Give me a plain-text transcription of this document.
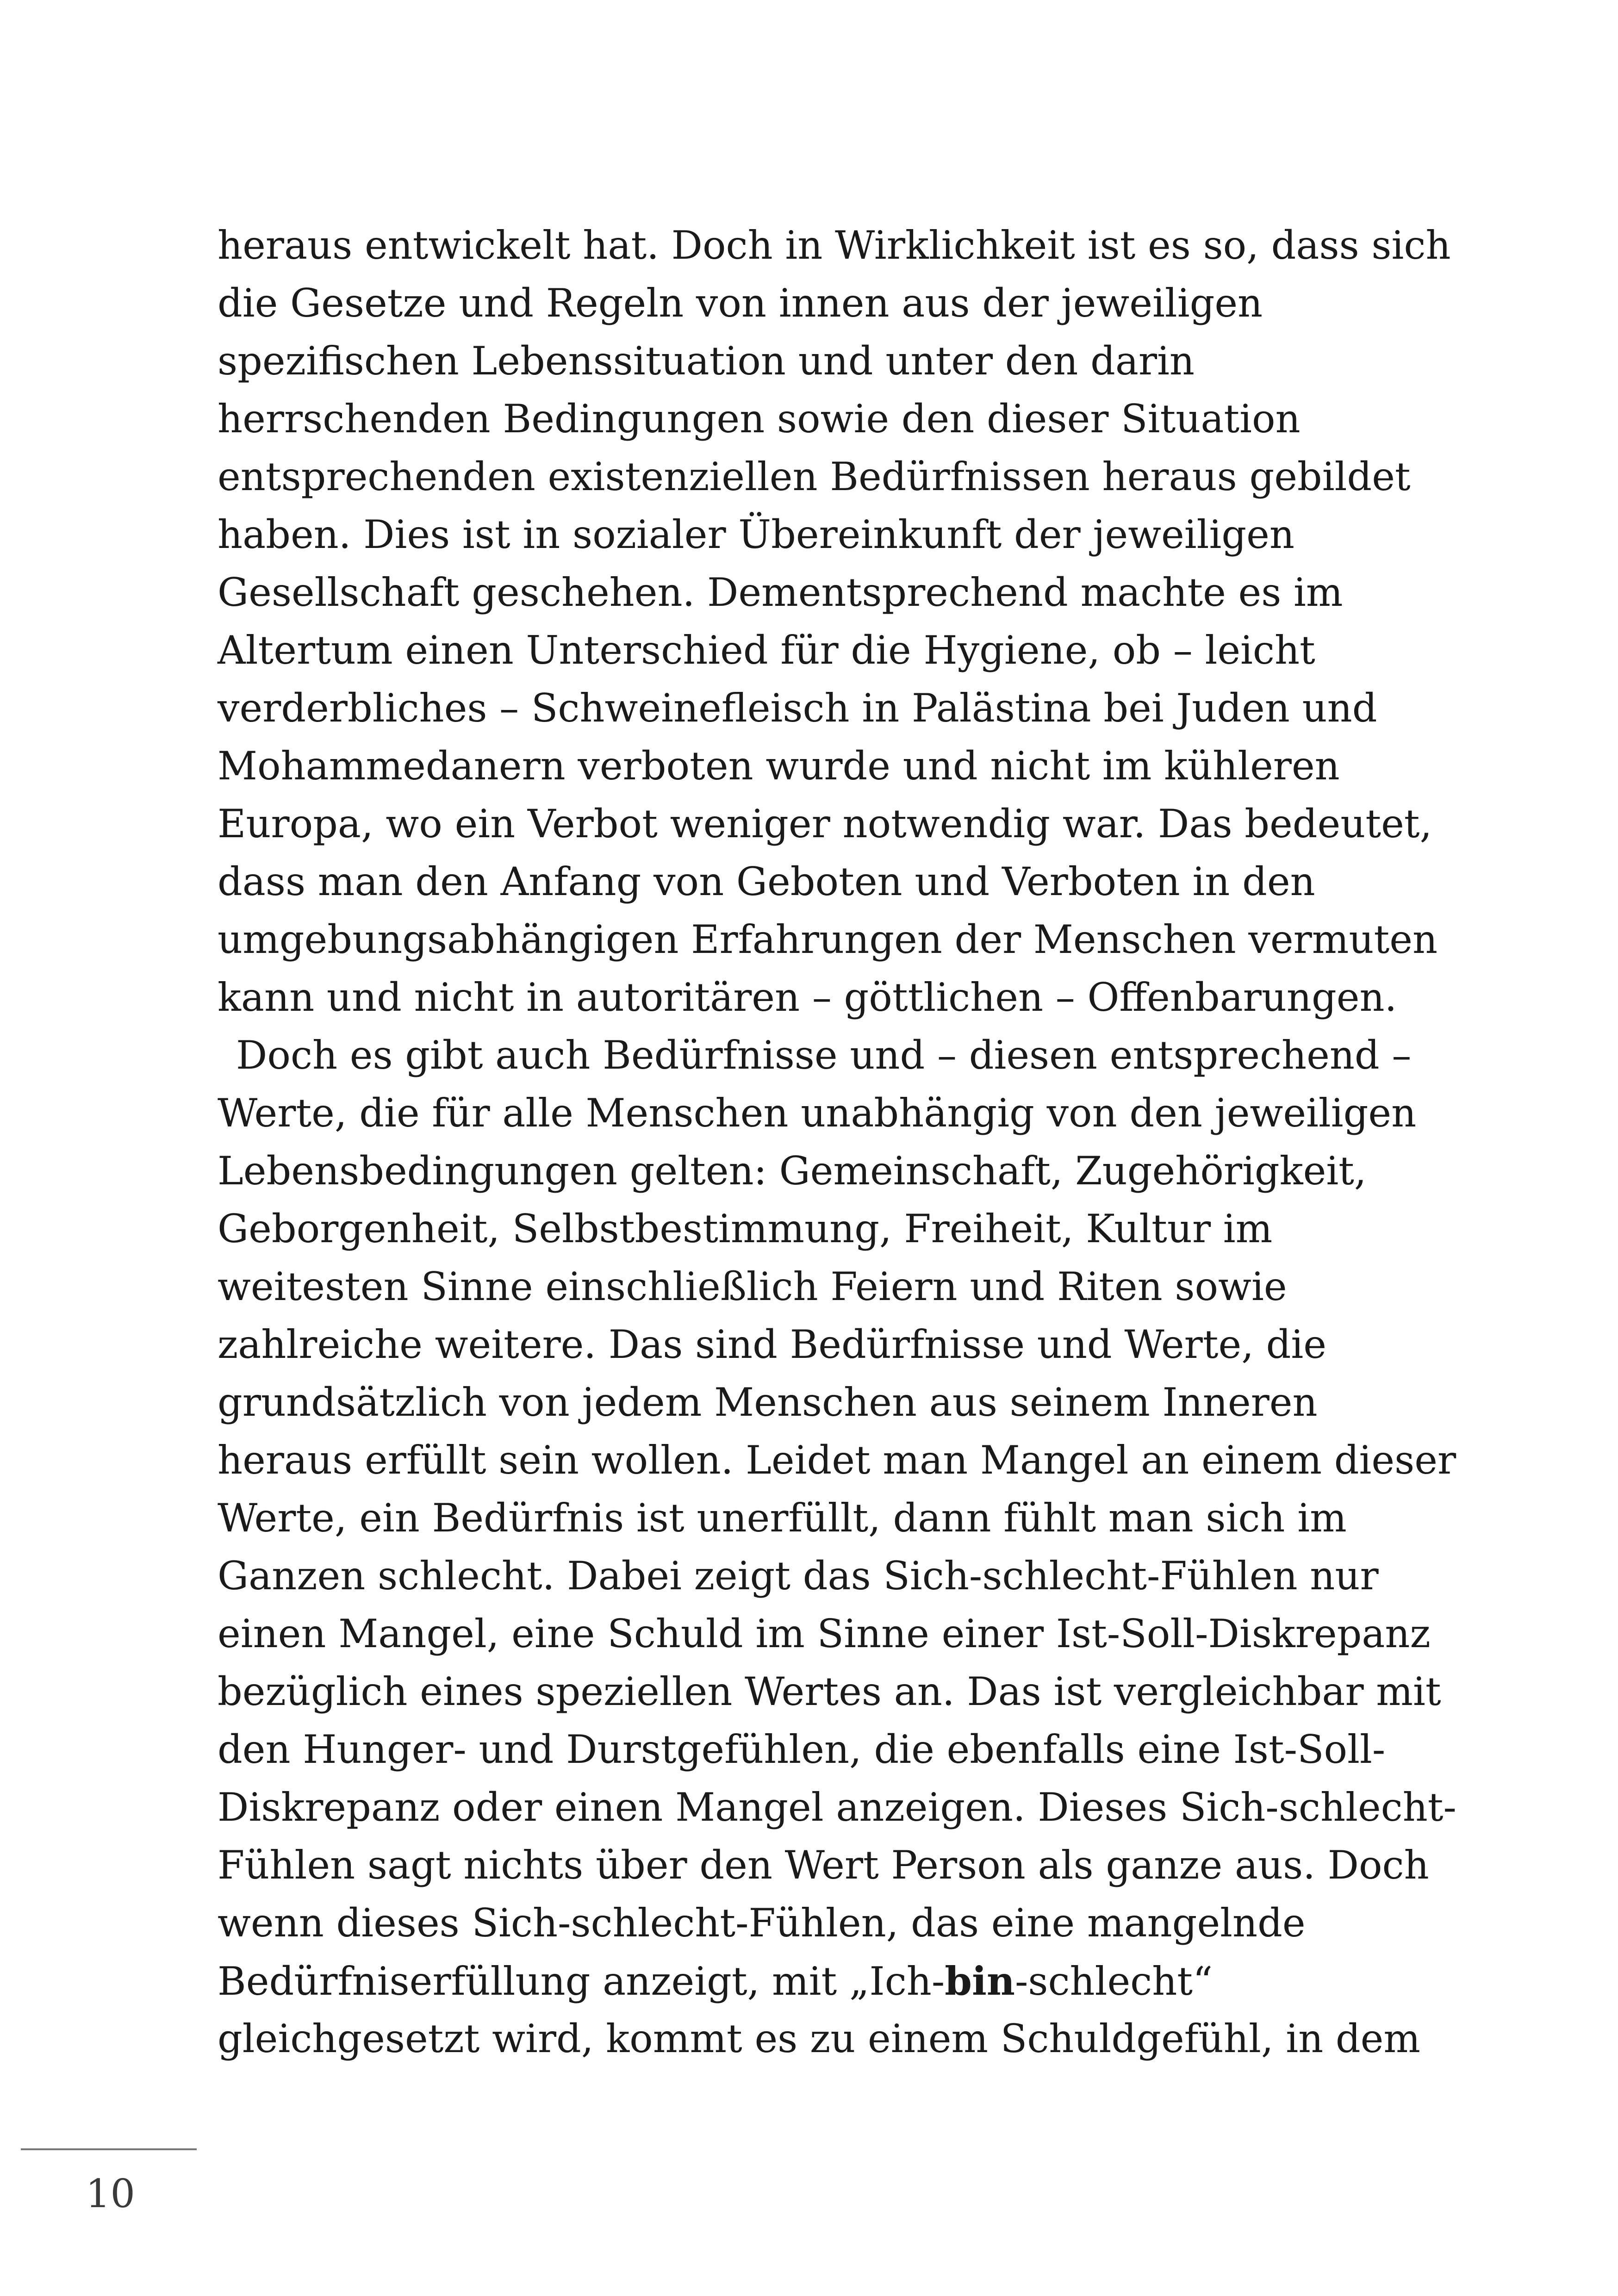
heraus entwickelt hat. Doch in Wirklichkeit ist es so, dass sich
die Gesetze und Regeln von innen aus der jeweiligen
spezifischen Lebenssituation und unter den darin
herrschenden Bedingungen sowie den dieser Situation
entsprechenden existenziellen Bedürfnissen heraus gebildet
haben. Dies ist in sozialer Übereinkunft der jeweiligen
Gesellschaft geschehen. Dementsprechend machte es im
Altertum einen Unterschied für die Hygiene, ob – leicht
verderbliches – Schweinefleisch in Palästina bei Juden und
Mohammedanern verboten wurde und nicht im kühleren
Europa, wo ein Verbot weniger notwendig war. Das bedeutet,
dass man den Anfang von Geboten und Verboten in den
umgebungsabhängigen Erfahrungen der Menschen vermuten
kann und nicht in autoritären – göttlichen – Offenbarungen.
Doch es gibt auch Bedürfnisse und – diesen entsprechend –
Werte, die für alle Menschen unabhängig von den jeweiligen
Lebensbedingungen gelten: Gemeinschaft, Zugehörigkeit,
Geborgenheit, Selbstbestimmung, Freiheit, Kultur im
weitesten Sinne einschließlich Feiern und Riten sowie
zahlreiche weitere. Das sind Bedürfnisse und Werte, die
grundsätzlich von jedem Menschen aus seinem Inneren
heraus erfüllt sein wollen. Leidet man Mangel an einem dieser
Werte, ein Bedürfnis ist unerfüllt, dann fühlt man sich im
Ganzen schlecht. Dabei zeigt das Sich-schlecht-Fühlen nur
einen Mangel, eine Schuld im Sinne einer Ist-Soll-Diskrepanz
bezüglich eines speziellen Wertes an. Das ist vergleichbar mit
den Hunger- und Durstgefühlen, die ebenfalls eine Ist-Soll-
Diskrepanz oder einen Mangel anzeigen. Dieses Sich-schlecht-
Fühlen sagt nichts über den Wert Person als ganze aus. Doch
wenn dieses Sich-schlecht-Fühlen, das eine mangelnde
Bedürfniserfüllung anzeigt, mit „Ich-bin-schlecht“
gleichgesetzt wird, kommt es zu einem Schuldgefühl, in dem
10
